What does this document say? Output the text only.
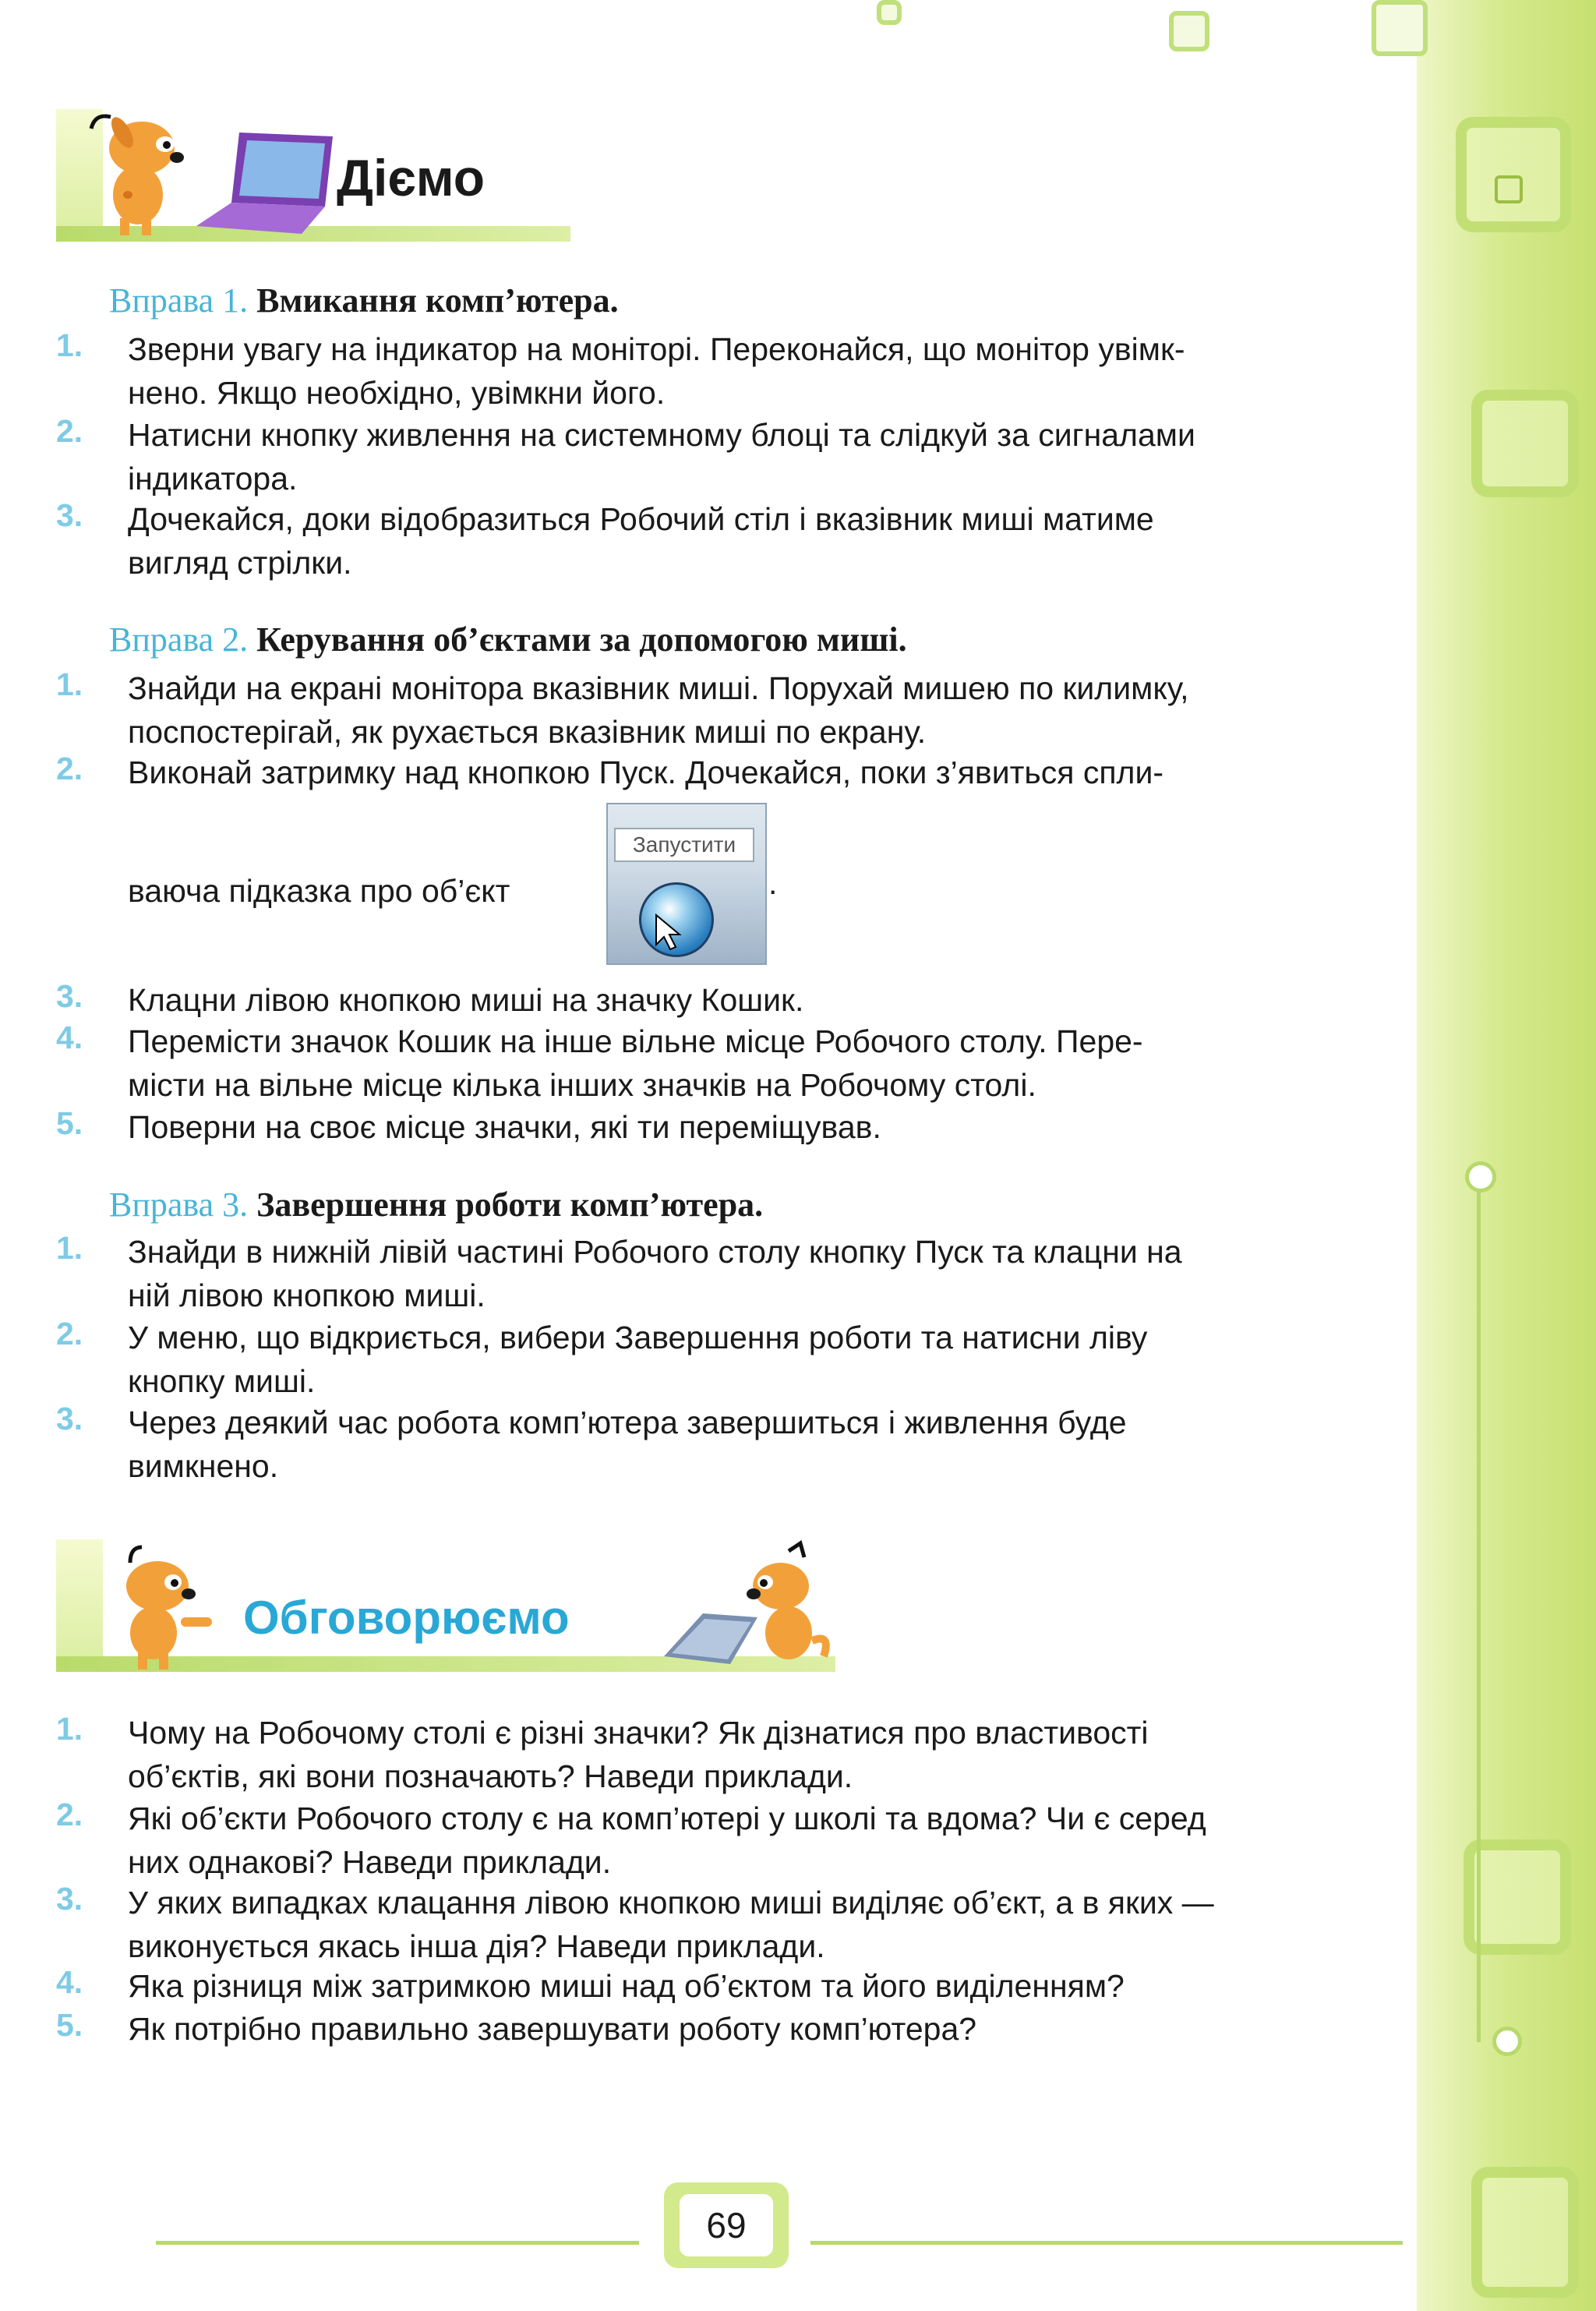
Дiємо
Вправа 1. Вмикання комп’ютера.
1.	Зверни увагу на індикатор на моніторі. Переконайся, що монітор увімк-
нено. Якщо необхідно, увімкни його.
2.	Натисни кнопку живлення на системному блоці та слідкуй за сигналами
індикатора.
3.	Дочекайся, доки відобразиться Робочий стіл і вказівник миші матиме
вигляд стрілки.
Вправа 2. Керування об’єктами за допомогою миші.
1.	Знайди на екрані монітора вказівник миші. Порухай мишею по килимку,
поспостерігай, як рухається вказівник миші по екрану.
2.	Виконай затримку над кнопкою Пуск. Дочекайся, поки з’явиться спли-
ваюча підказка про об’єкт
Запустити
.
3.	Клацни лівою кнопкою миші на значку Кошик.
4.	Перемісти значок Кошик на інше вільне місце Робочого столу. Пере-
місти на вільне місце кілька інших значків на Робочому столі.
5.	Поверни на своє місце значки, які ти переміщував.
Вправа 3. Завершення роботи комп’ютера.
1.	Знайди в нижній лівій частині Робочого столу кнопку Пуск та клацни на
ній лівою кнопкою миші.
2.	У меню, що відкриється, вибери Завершення роботи та натисни ліву
кнопку миші.
3.	Через деякий час робота комп’ютера завершиться і живлення буде
вимкнено.
Обговорюємо
1.	Чому на Робочому столі є різні значки? Як дізнатися про властивості
об’єктів, які вони позначають? Наведи приклади.
2.	Які об’єкти Робочого столу є на комп’ютері у школі та вдома? Чи є серед
них однакові? Наведи приклади.
3.	У яких випадках клацання лівою кнопкою миші виділяє об’єкт, а в яких —
виконується якась інша дія? Наведи приклади.
4.	Яка різниця між затримкою миші над об’єктом та його виділенням?
5.	Як потрібно правильно завершувати роботу комп’ютера?
69
